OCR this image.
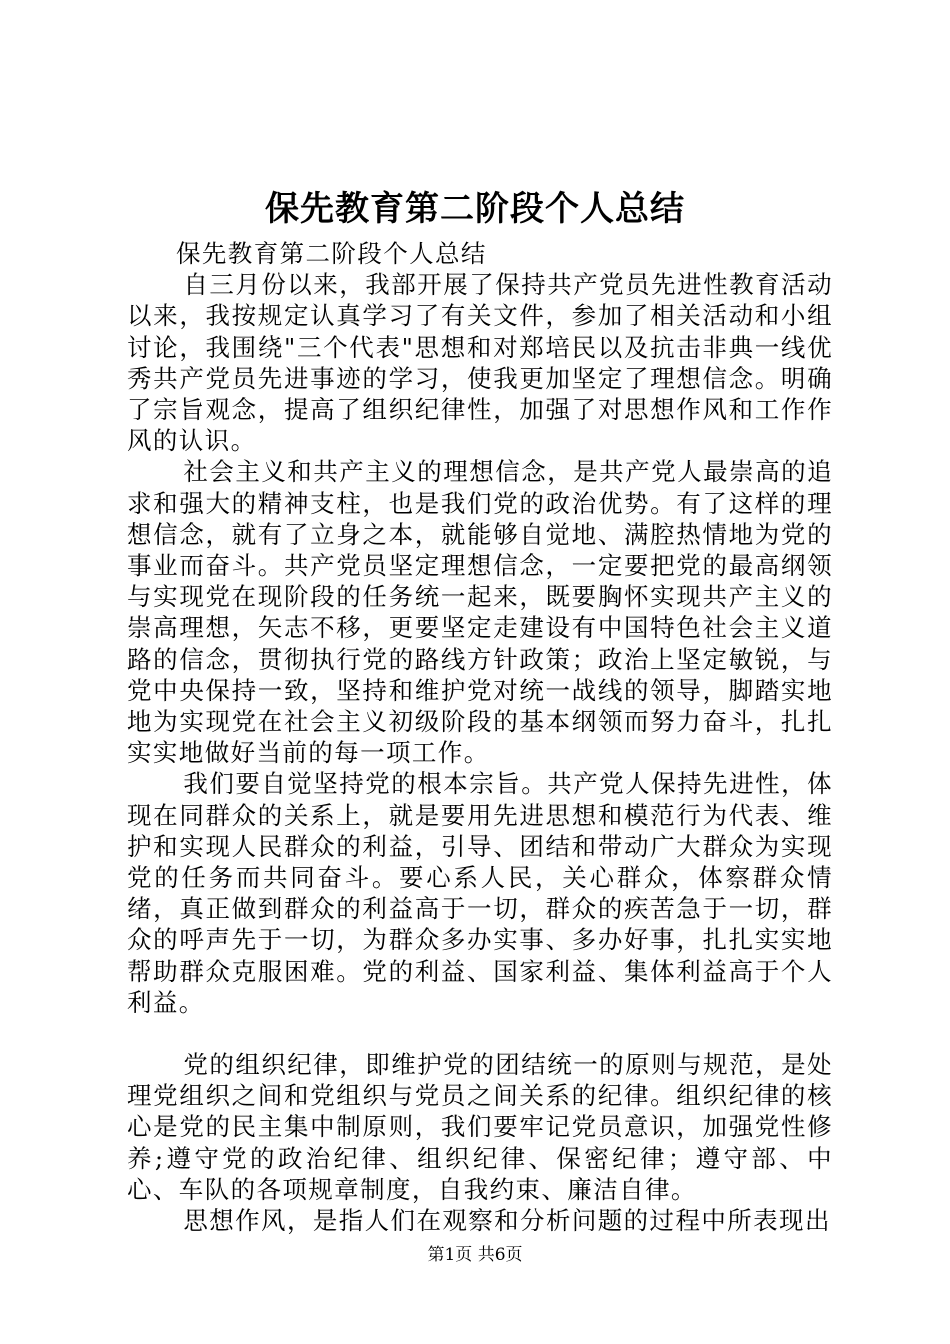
保先教育第二阶段个人总结

保先教育第二阶段个人总结

自三月份以来，我部开展了保持共产党员先进性教育活动以来，我按规定认真学习了有关文件，参加了相关活动和小组讨论，我围绕"三个代表"思想和对郑培民以及抗击非典一线优秀共产党员先进事迹的学习，使我更加坚定了理想信念。明确了宗旨观念，提高了组织纪律性，加强了对思想作风和工作作风的认识。

社会主义和共产主义的理想信念，是共产党人最崇高的追求和强大的精神支柱，也是我们党的政治优势。有了这样的理想信念，就有了立身之本，就能够自觉地、满腔热情地为党的事业而奋斗。共产党员坚定理想信念，一定要把党的最高纲领与实现党在现阶段的任务统一起来，既要胸怀实现共产主义的崇高理想，矢志不移，更要坚定走建设有中国特色社会主义道路的信念，贯彻执行党的路线方针政策；政治上坚定敏锐，与党中央保持一致，坚持和维护党对统一战线的领导，脚踏实地地为实现党在社会主义初级阶段的基本纲领而努力奋斗，扎扎实实地做好当前的每一项工作。

我们要自觉坚持党的根本宗旨。共产党人保持先进性，体现在同群众的关系上，就是要用先进思想和模范行为代表、维护和实现人民群众的利益，引导、团结和带动广大群众为实现党的任务而共同奋斗。要心系人民，关心群众，体察群众情绪，真正做到群众的利益高于一切，群众的疾苦急于一切，群众的呼声先于一切，为群众多办实事、多办好事，扎扎实实地帮助群众克服困难。党的利益、国家利益、集体利益高于个人利益。

党的组织纪律，即维护党的团结统一的原则与规范，是处理党组织之间和党组织与党员之间关系的纪律。组织纪律的核心是党的民主集中制原则，我们要牢记党员意识，加强党性修养;遵守党的政治纪律、组织纪律、保密纪律；遵守部、中心、车队的各项规章制度，自我约束、廉洁自律。

思想作风，是指人们在观察和分析问题的过程中所表现出

第1页 共6页
